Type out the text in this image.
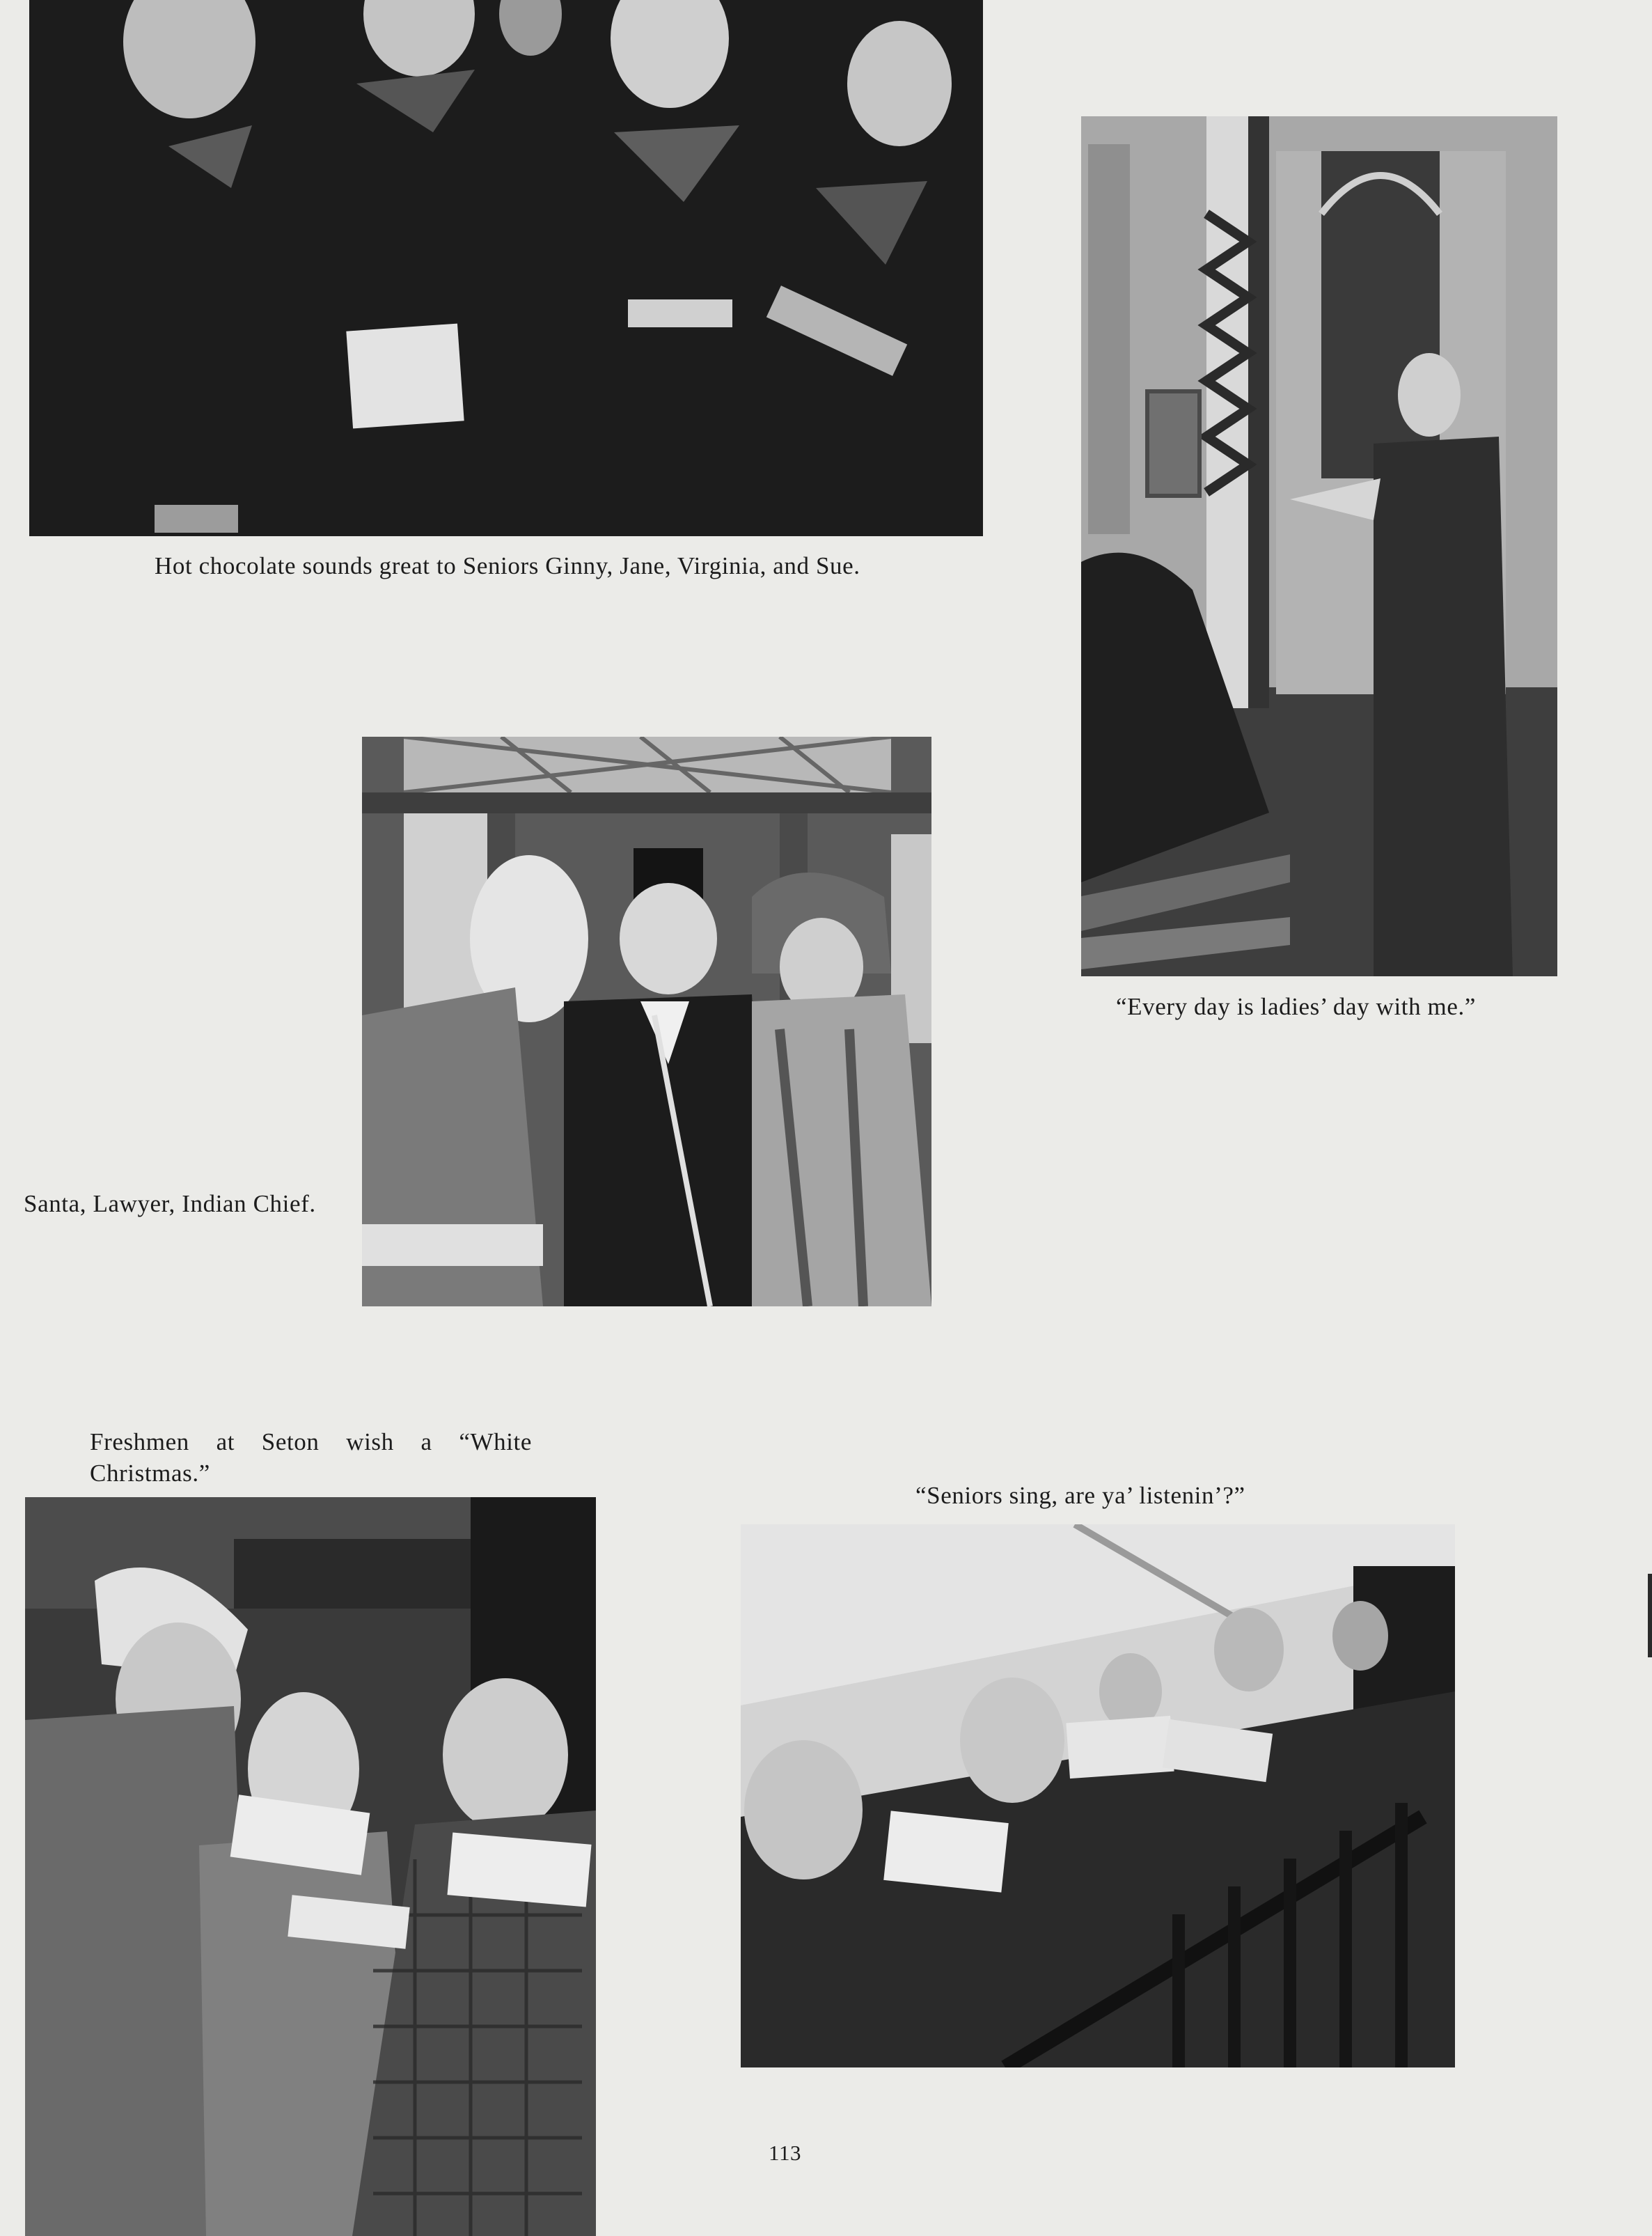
Hot chocolate sounds great to Seniors Ginny, Jane, Virginia, and Sue.

“Every day is ladies’ day with me.”

Santa, Lawyer, Indian Chief.

Freshmen at Seton wish a “White Christmas.”

“Seniors sing, are ya’ listenin’?”

113
